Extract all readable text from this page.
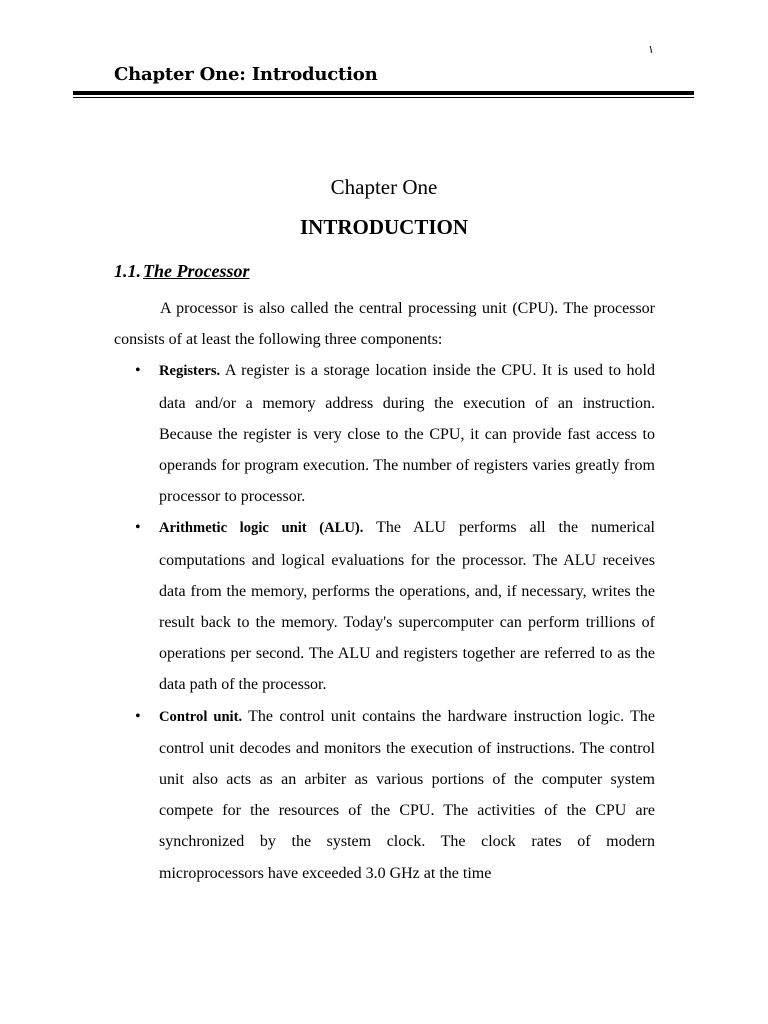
١
Chapter One: Introduction
Chapter One
INTRODUCTION
1.1. The Processor

A processor is also called the central processing unit (CPU). The processor consists of at least the following three components:

• Registers. A register is a storage location inside the CPU. It is used to hold data and/or a memory address during the execution of an instruction. Because the register is very close to the CPU, it can provide fast access to operands for program execution. The number of registers varies greatly from processor to processor.
• Arithmetic logic unit (ALU). The ALU performs all the numerical computations and logical evaluations for the processor. The ALU receives data from the memory, performs the operations, and, if necessary, writes the result back to the memory. Today's supercomputer can perform trillions of operations per second. The ALU and registers together are referred to as the data path of the processor.
• Control unit. The control unit contains the hardware instruction logic. The control unit decodes and monitors the execution of instructions. The control unit also acts as an arbiter as various portions of the computer system compete for the resources of the CPU. The activities of the CPU are synchronized by the system clock. The clock rates of modern microprocessors have exceeded 3.0 GHz at the time
